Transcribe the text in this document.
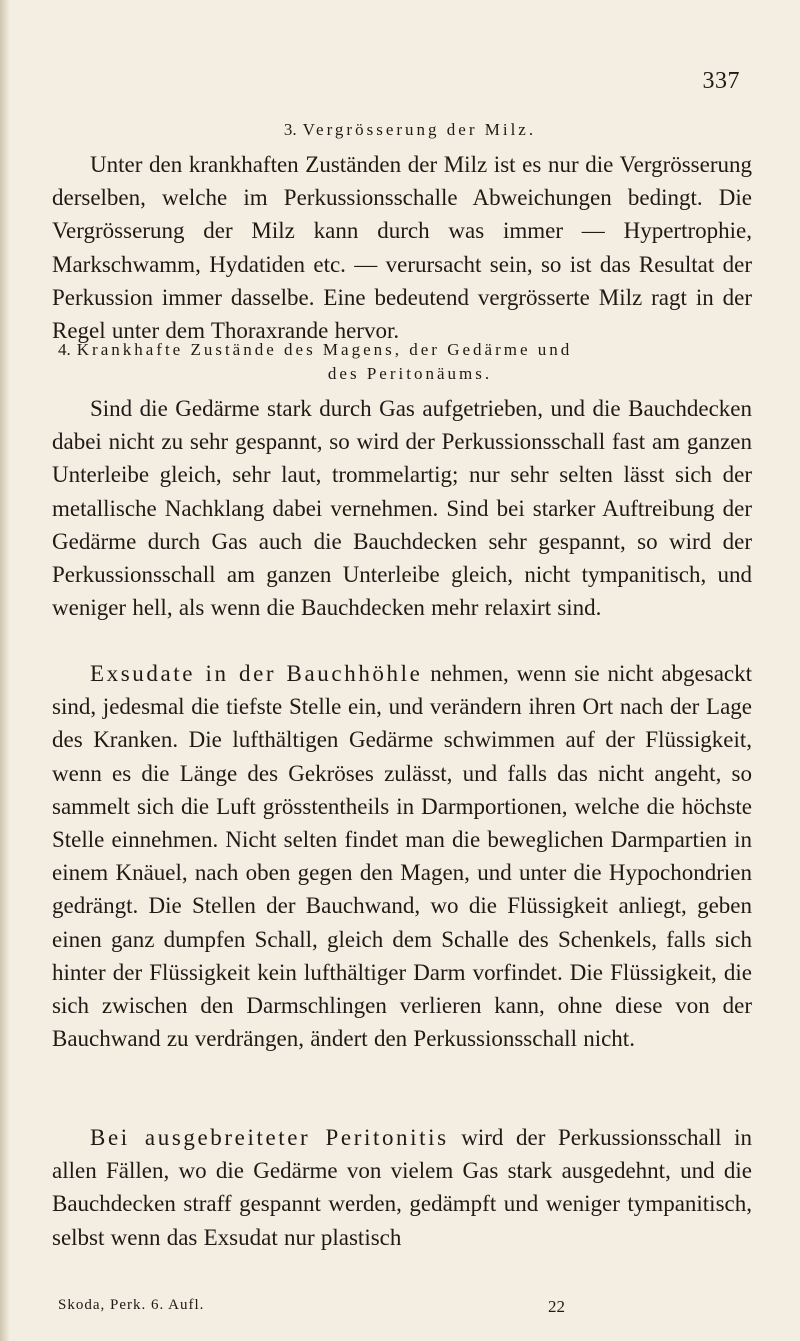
337
3. Vergrösserung der Milz.
Unter den krankhaften Zuständen der Milz ist es nur die Vergrösserung derselben, welche im Perkussionsschalle Abweichungen bedingt. Die Vergrösserung der Milz kann durch was immer — Hypertrophie, Markschwamm, Hydatiden etc. — verursacht sein, so ist das Resultat der Perkussion immer dasselbe. Eine bedeutend vergrösserte Milz ragt in der Regel unter dem Thoraxrande hervor.
4. Krankhafte Zustände des Magens, der Gedärme und
des Peritonäums.
Sind die Gedärme stark durch Gas aufgetrieben, und die Bauchdecken dabei nicht zu sehr gespannt, so wird der Perkussionsschall fast am ganzen Unterleibe gleich, sehr laut, trommelartig; nur sehr selten lässt sich der metallische Nachklang dabei vernehmen. Sind bei starker Auftreibung der Gedärme durch Gas auch die Bauchdecken sehr gespannt, so wird der Perkussionsschall am ganzen Unterleibe gleich, nicht tympanitisch, und weniger hell, als wenn die Bauchdecken mehr relaxirt sind.
Exsudate in der Bauchhöhle nehmen, wenn sie nicht abgesackt sind, jedesmal die tiefste Stelle ein, und verändern ihren Ort nach der Lage des Kranken. Die lufthältigen Gedärme schwimmen auf der Flüssigkeit, wenn es die Länge des Gekröses zulässt, und falls das nicht angeht, so sammelt sich die Luft grösstentheils in Darmportionen, welche die höchste Stelle einnehmen. Nicht selten findet man die beweglichen Darmpartien in einem Knäuel, nach oben gegen den Magen, und unter die Hypochondrien gedrängt. Die Stellen der Bauchwand, wo die Flüssigkeit anliegt, geben einen ganz dumpfen Schall, gleich dem Schalle des Schenkels, falls sich hinter der Flüssigkeit kein lufthältiger Darm vorfindet. Die Flüssigkeit, die sich zwischen den Darmschlingen verlieren kann, ohne diese von der Bauchwand zu verdrängen, ändert den Perkussionsschall nicht.
Bei ausgebreiteter Peritonitis wird der Perkussionsschall in allen Fällen, wo die Gedärme von vielem Gas stark ausgedehnt, und die Bauchdecken straff gespannt werden, gedämpft und weniger tympanitisch, selbst wenn das Exsudat nur plastisch
Skoda, Perk. 6. Aufl.	22
